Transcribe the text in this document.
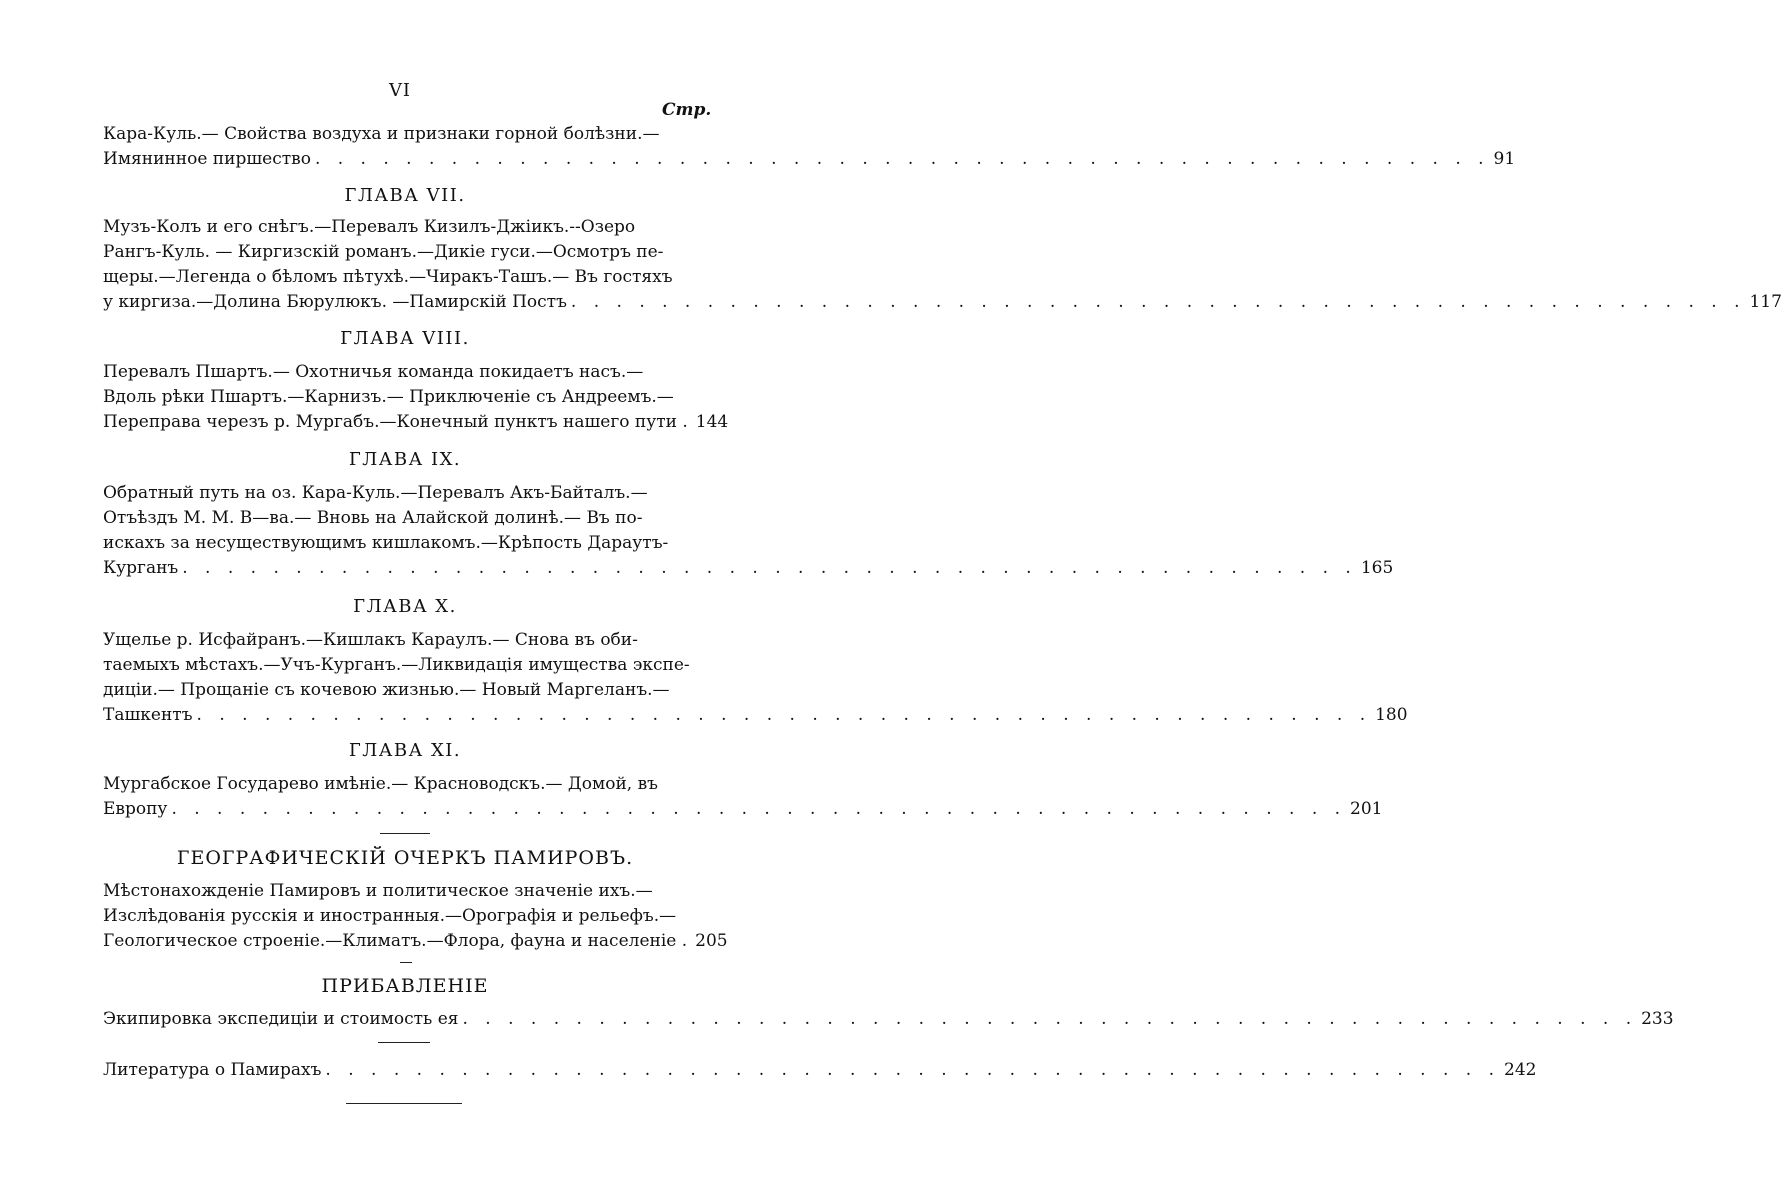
VI
Стр.
Кара-Куль.— Свойства воздуха и признаки горной болѣзни.—
Имянинное пиршество . . . . . . . . . . . . . . . . . . . . . . . . . . . . . . . . . . . . . . . . . . . . . . . . . . . . 91
ГЛАВА VII.
Музъ-Колъ и его снѣгъ.—Перевалъ Кизилъ-Джiикъ.--Озеро
Рангъ-Куль. — Киргизскiй романъ.—Дикiе гуси.—Осмотръ пе-
щеры.—Легенда о бѣломъ пѣтухѣ.—Чиракъ-Ташъ.— Въ гостяхъ
у киргиза.—Долина Бюрулюкъ. —Памирскiй Постъ . . . . . . . . . . . . . . . . . . . . . . . . . . . . . . . . . . . . . . . . . . . . . . . . . . . . 117
ГЛАВА VIII.
Перевалъ Пшартъ.— Охотничья команда покидаетъ насъ.—
Вдоль рѣки Пшартъ.—Карнизъ.— Приключенiе съ Андреемъ.—
Переправа черезъ р. Мургабъ.—Конечный пунктъ нашего пути . 144
ГЛАВА IX.
Обратный путь на оз. Кара-Куль.—Перевалъ Акъ-Байталъ.—
Отъѣздъ М. М. В—ва.— Вновь на Алайской долинѣ.— Въ по-
искахъ за несуществующимъ кишлакомъ.—Крѣпость Дараутъ-
Курганъ . . . . . . . . . . . . . . . . . . . . . . . . . . . . . . . . . . . . . . . . . . . . . . . . . . . . 165
ГЛАВА X.
Ущелье р. Исфайранъ.—Кишлакъ Караулъ.— Снова въ оби-
таемыхъ мѣстахъ.—Учъ-Курганъ.—Ликвидацiя имущества экспе-
дицiи.— Прощанiе съ кочевою жизнью.— Новый Маргеланъ.—
Ташкентъ . . . . . . . . . . . . . . . . . . . . . . . . . . . . . . . . . . . . . . . . . . . . . . . . . . . . 180
ГЛАВА XI.
Мургабское Государево имѣнiе.— Красноводскъ.— Домой, въ
Европу . . . . . . . . . . . . . . . . . . . . . . . . . . . . . . . . . . . . . . . . . . . . . . . . . . . . 201
ГЕОГРАФИЧЕСКIЙ ОЧЕРКЪ ПАМИРОВЪ.
Мѣстонахожденiе Памировъ и политическое значенiе ихъ.—
Изслѣдованiя русскiя и иностранныя.—Орографiя и рельефъ.—
Геологическое строенiе.—Климатъ.—Флора, фауна и населенiе . 205
ПРИБАВЛЕНIЕ
Экипировка экспедицiи и стоимость ея . . . . . . . . . . . . . . . . . . . . . . . . . . . . . . . . . . . . . . . . . . . . . . . . . . . . 233
Литература о Памирахъ . . . . . . . . . . . . . . . . . . . . . . . . . . . . . . . . . . . . . . . . . . . . . . . . . . . . 242
